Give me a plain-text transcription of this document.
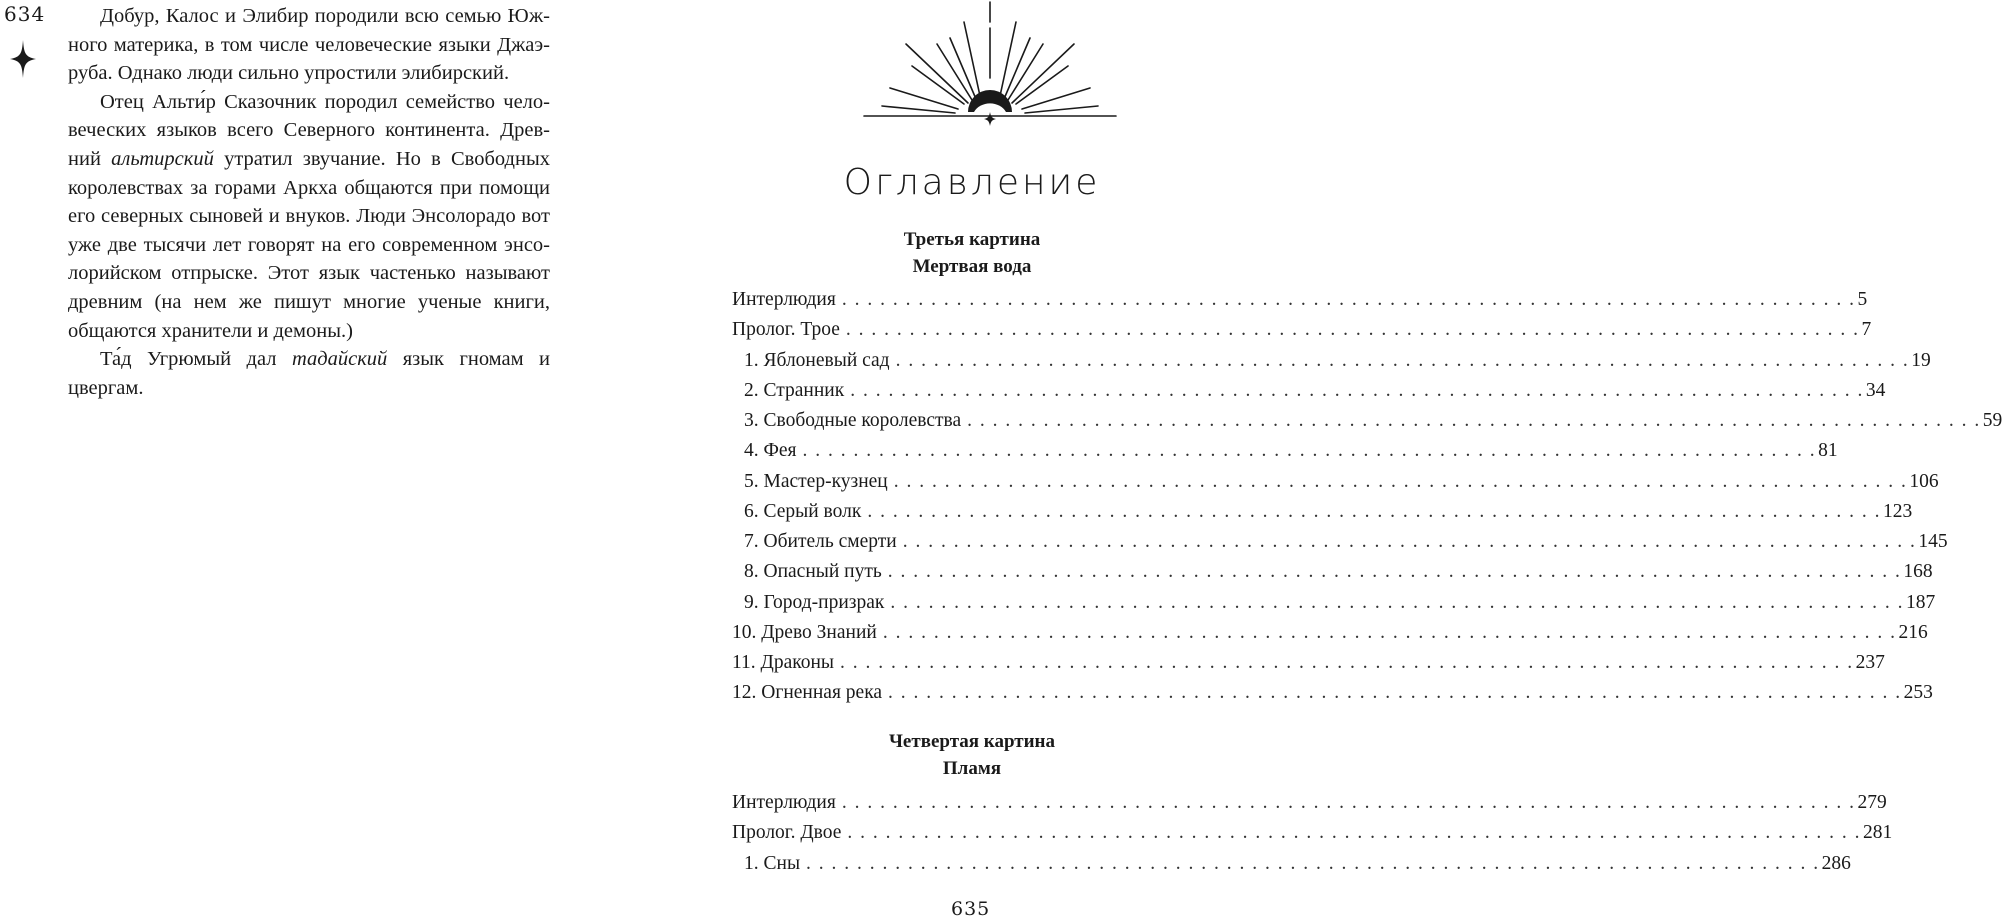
634	Добур, Калос и Элибир породили всю семью Юж-
ного материка, в том числе человеческие языки Джаэ-
руба. Однако люди сильно упростили элибирский.
Отец Альти́р Сказочник породил семейство чело-
веческих языков всего Северного континента. Древ-
ний альтирский утратил звучание. Но в Свободных
королевствах за горами Аркха общаются при помощи
его северных сыновей и внуков. Люди Энсолорадо вот
уже две тысячи лет говорят на его современном энсо-
лорийском отпрыске. Этот язык частенько называют
древним (на нем же пишут многие ученые книги,
общаются хранители и демоны.)
Та́д Угрюмый дал тадайский язык гномам и
цвергам.
Оглавление
Третья картина
Мертвая вода
Интерлюдия . . . . . . . . . . . . . . . . . . . . . . . . . . . . . . . . . . . . . . . . . . . . . . . . . . . . . . . . . . . . . . . . . . . . . . . . . . . . . . . . 5
Пролог. Трое . . . . . . . . . . . . . . . . . . . . . . . . . . . . . . . . . . . . . . . . . . . . . . . . . . . . . . . . . . . . . . . . . . . . . . . . . . . . . . . . 7
1. Яблоневый сад . . . . . . . . . . . . . . . . . . . . . . . . . . . . . . . . . . . . . . . . . . . . . . . . . . . . . . . . . . . . . . . . . . . . . . . . . . . . . . . . 19
2. Странник . . . . . . . . . . . . . . . . . . . . . . . . . . . . . . . . . . . . . . . . . . . . . . . . . . . . . . . . . . . . . . . . . . . . . . . . . . . . . . . . 34
3. Свободные королевства . . . . . . . . . . . . . . . . . . . . . . . . . . . . . . . . . . . . . . . . . . . . . . . . . . . . . . . . . . . . . . . . . . . . . . . . . . . . . . . . 59
4. Фея . . . . . . . . . . . . . . . . . . . . . . . . . . . . . . . . . . . . . . . . . . . . . . . . . . . . . . . . . . . . . . . . . . . . . . . . . . . . . . . . 81
5. Мастер-кузнец . . . . . . . . . . . . . . . . . . . . . . . . . . . . . . . . . . . . . . . . . . . . . . . . . . . . . . . . . . . . . . . . . . . . . . . . . . . . . . . . 106
6. Серый волк . . . . . . . . . . . . . . . . . . . . . . . . . . . . . . . . . . . . . . . . . . . . . . . . . . . . . . . . . . . . . . . . . . . . . . . . . . . . . . . . 123
7. Обитель смерти . . . . . . . . . . . . . . . . . . . . . . . . . . . . . . . . . . . . . . . . . . . . . . . . . . . . . . . . . . . . . . . . . . . . . . . . . . . . . . . . 145
8. Опасный путь . . . . . . . . . . . . . . . . . . . . . . . . . . . . . . . . . . . . . . . . . . . . . . . . . . . . . . . . . . . . . . . . . . . . . . . . . . . . . . . . 168
9. Город-призрак . . . . . . . . . . . . . . . . . . . . . . . . . . . . . . . . . . . . . . . . . . . . . . . . . . . . . . . . . . . . . . . . . . . . . . . . . . . . . . . . 187
10. Древо Знаний . . . . . . . . . . . . . . . . . . . . . . . . . . . . . . . . . . . . . . . . . . . . . . . . . . . . . . . . . . . . . . . . . . . . . . . . . . . . . . . . 216
11. Драконы . . . . . . . . . . . . . . . . . . . . . . . . . . . . . . . . . . . . . . . . . . . . . . . . . . . . . . . . . . . . . . . . . . . . . . . . . . . . . . . . 237
12. Огненная река . . . . . . . . . . . . . . . . . . . . . . . . . . . . . . . . . . . . . . . . . . . . . . . . . . . . . . . . . . . . . . . . . . . . . . . . . . . . . . . . 253
Четвертая картина
Пламя
Интерлюдия . . . . . . . . . . . . . . . . . . . . . . . . . . . . . . . . . . . . . . . . . . . . . . . . . . . . . . . . . . . . . . . . . . . . . . . . . . . . . . . . 279
Пролог. Двое . . . . . . . . . . . . . . . . . . . . . . . . . . . . . . . . . . . . . . . . . . . . . . . . . . . . . . . . . . . . . . . . . . . . . . . . . . . . . . . . 281
1. Сны . . . . . . . . . . . . . . . . . . . . . . . . . . . . . . . . . . . . . . . . . . . . . . . . . . . . . . . . . . . . . . . . . . . . . . . . . . . . . . . . 286
635
